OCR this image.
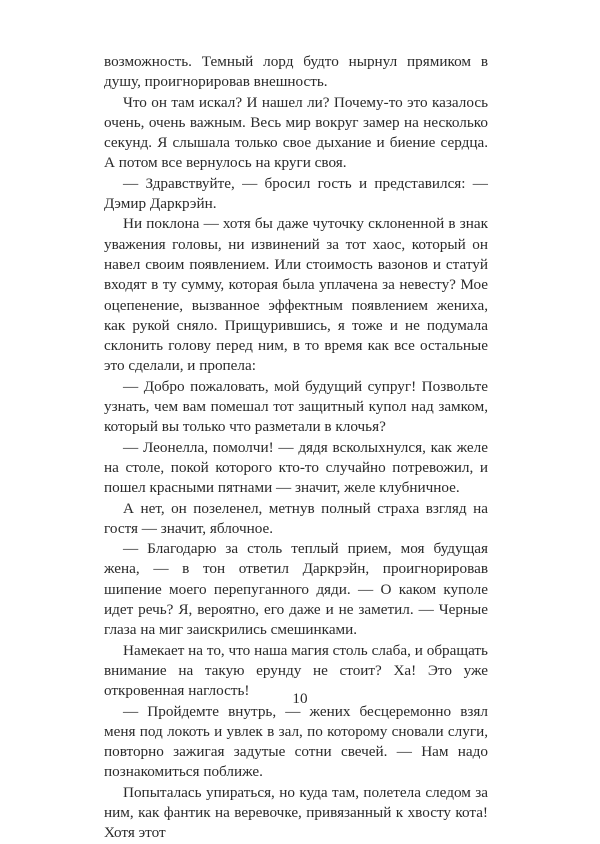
возможность. Темный лорд будто нырнул прямиком в душу, проигнорировав внешность.

Что он там искал? И нашел ли? Почему-то это казалось очень, очень важным. Весь мир вокруг замер на несколько секунд. Я слышала только свое дыхание и биение сердца. А потом все вернулось на круги своя.

— Здравствуйте, — бросил гость и представился: — Дэмир Даркрэйн.

Ни поклона — хотя бы даже чуточку склоненной в знак уважения головы, ни извинений за тот хаос, который он навел своим появлением. Или стоимость вазонов и статуй входят в ту сумму, которая была уплачена за невесту? Мое оцепенение, вызванное эффектным появлением жениха, как рукой сняло. Прищурившись, я тоже и не подумала склонить голову перед ним, в то время как все остальные это сделали, и пропела:

— Добро пожаловать, мой будущий супруг! Позвольте узнать, чем вам помешал тот защитный купол над замком, который вы только что разметали в клочья?

— Леонелла, помолчи! — дядя всколыхнулся, как желе на столе, покой которого кто-то случайно потревожил, и пошел красными пятнами — значит, желе клубничное.

А нет, он позеленел, метнув полный страха взгляд на гостя — значит, яблочное.

— Благодарю за столь теплый прием, моя будущая жена, — в тон ответил Даркрэйн, проигнорировав шипение моего перепуганного дяди. — О каком куполе идет речь? Я, вероятно, его даже и не заметил. — Черные глаза на миг заискрились смешинками.

Намекает на то, что наша магия столь слаба, и обращать внимание на такую ерунду не стоит? Ха! Это уже откровенная наглость!

— Пройдемте внутрь, — жених бесцеремонно взял меня под локоть и увлек в зал, по которому сновали слуги, повторно зажигая задутые сотни свечей. — Нам надо познакомиться поближе.

Попыталась упираться, но куда там, полетела следом за ним, как фантик на веревочке, привязанный к хвосту кота! Хотя этот

10
